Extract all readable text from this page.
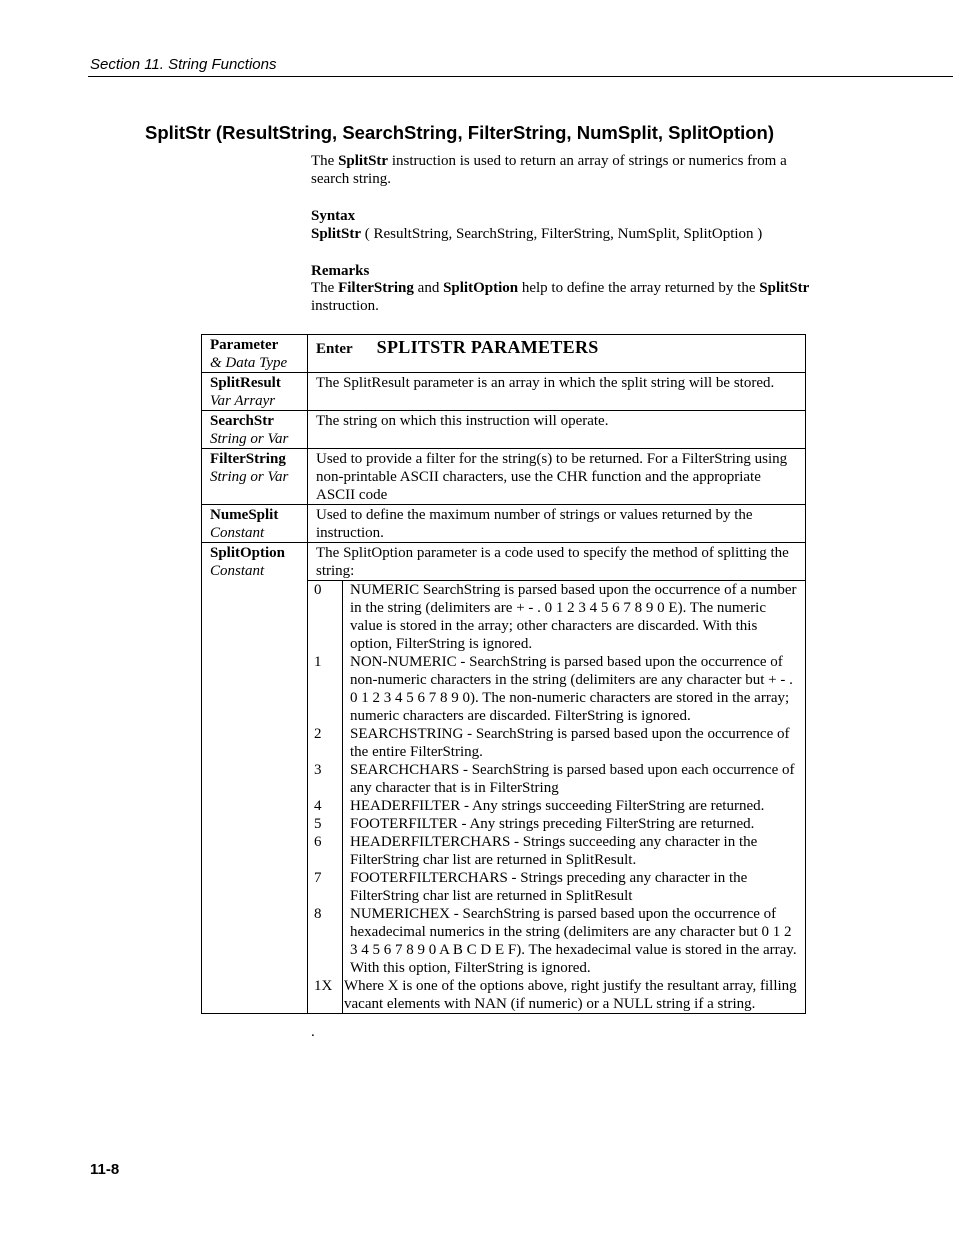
Section 11. String Functions
SplitStr (ResultString, SearchString, FilterString, NumSplit, SplitOption)
The SplitStr instruction is used to return an array of strings or numerics from a search string.
Syntax
SplitStr ( ResultString, SearchString, FilterString, NumSplit, SplitOption )
Remarks
The FilterString and SplitOption help to define the array returned by the SplitStr instruction.
Parameter
& Data Type
	Enter SPLITSTR PARAMETERS

SplitResult
Var Arrayr
	The SplitResult parameter is an array in which the split string will be stored.

SearchStr
String or Var
	The string on which this instruction will operate.

FilterString
String or Var
	Used to provide a filter for the string(s) to be returned. For a FilterString using non-printable ASCII characters, use the CHR function and the appropriate ASCII code

NumeSplit
Constant
	Used to define the maximum number of strings or values returned by the instruction.

SplitOption
Constant
	The SplitOption parameter is a code used to specify the method of splitting the string:

0	NUMERIC SearchString is parsed based upon the occurrence of a number in the string (delimiters are + - . 0 1 2 3 4 5 6 7 8 9 0 E). The numeric value is stored in the array; other characters are discarded. With this option, FilterString is ignored.
1	NON-NUMERIC - SearchString is parsed based upon the occurrence of non-numeric characters in the string (delimiters are any character but + - . 0 1 2 3 4 5 6 7 8 9 0). The non-numeric characters are stored in the array; numeric characters are discarded. FilterString is ignored.
2	SEARCHSTRING - SearchString is parsed based upon the occurrence of the entire FilterString.
3	SEARCHCHARS - SearchString is parsed based upon each occurrence of any character that is in FilterString
4	HEADERFILTER - Any strings succeeding FilterString are returned.
5	FOOTERFILTER - Any strings preceding FilterString are returned.
6	HEADERFILTERCHARS - Strings succeeding any character in the FilterString char list are returned in SplitResult.
7	FOOTERFILTERCHARS - Strings preceding any character in the FilterString char list are returned in SplitResult
8	NUMERICHEX - SearchString is parsed based upon the occurrence of hexadecimal numerics in the string (delimiters are any character but 0 1 2 3 4 5 6 7 8 9 0 A B C D E F). The hexadecimal value is stored in the array. With this option, FilterString is ignored.
1X	Where X is one of the options above, right justify the resultant array, filling vacant elements with NAN (if numeric) or a NULL string if a string.
.
11-8
